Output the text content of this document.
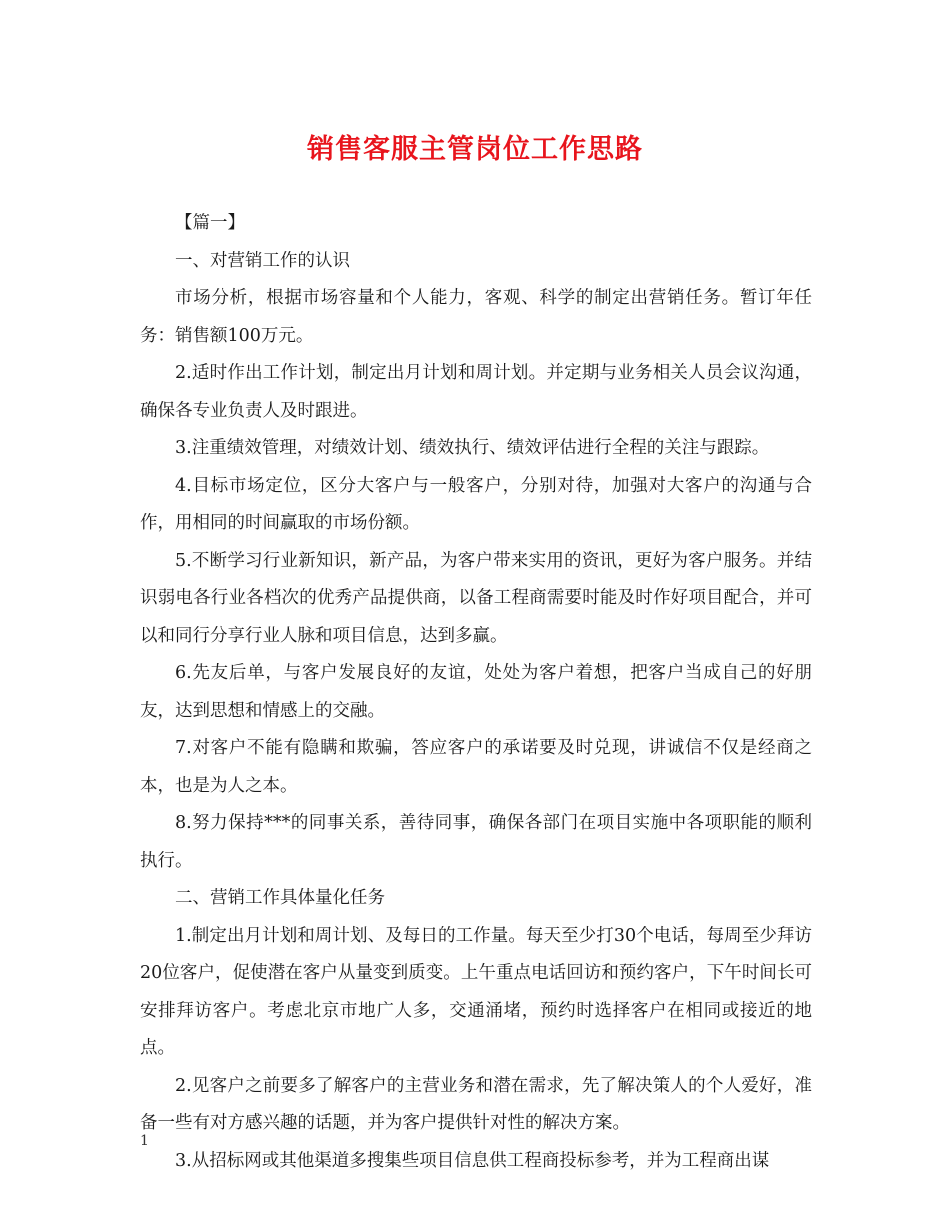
销售客服主管岗位工作思路

【篇一】

一、对营销工作的认识

市场分析，根据市场容量和个人能力，客观、科学的制定出营销任务。暂订年任务：销售额100万元。

2.适时作出工作计划，制定出月计划和周计划。并定期与业务相关人员会议沟通，确保各专业负责人及时跟进。

3.注重绩效管理，对绩效计划、绩效执行、绩效评估进行全程的关注与跟踪。

4.目标市场定位，区分大客户与一般客户，分别对待，加强对大客户的沟通与合作，用相同的时间赢取的市场份额。

5.不断学习行业新知识，新产品，为客户带来实用的资讯，更好为客户服务。并结识弱电各行业各档次的优秀产品提供商，以备工程商需要时能及时作好项目配合，并可以和同行分享行业人脉和项目信息，达到多赢。

6.先友后单，与客户发展良好的友谊，处处为客户着想，把客户当成自己的好朋友，达到思想和情感上的交融。

7.对客户不能有隐瞒和欺骗，答应客户的承诺要及时兑现，讲诚信不仅是经商之本，也是为人之本。

8.努力保持***的同事关系，善待同事，确保各部门在项目实施中各项职能的顺利执行。

二、营销工作具体量化任务

1.制定出月计划和周计划、及每日的工作量。每天至少打30个电话，每周至少拜访20位客户，促使潜在客户从量变到质变。上午重点电话回访和预约客户，下午时间长可安排拜访客户。考虑北京市地广人多，交通涌堵，预约时选择客户在相同或接近的地点。

2.见客户之前要多了解客户的主营业务和潜在需求，先了解决策人的个人爱好，准备一些有对方感兴趣的话题，并为客户提供针对性的解决方案。

3.从招标网或其他渠道多搜集些项目信息供工程商投标参考，并为工程商出谋

1
